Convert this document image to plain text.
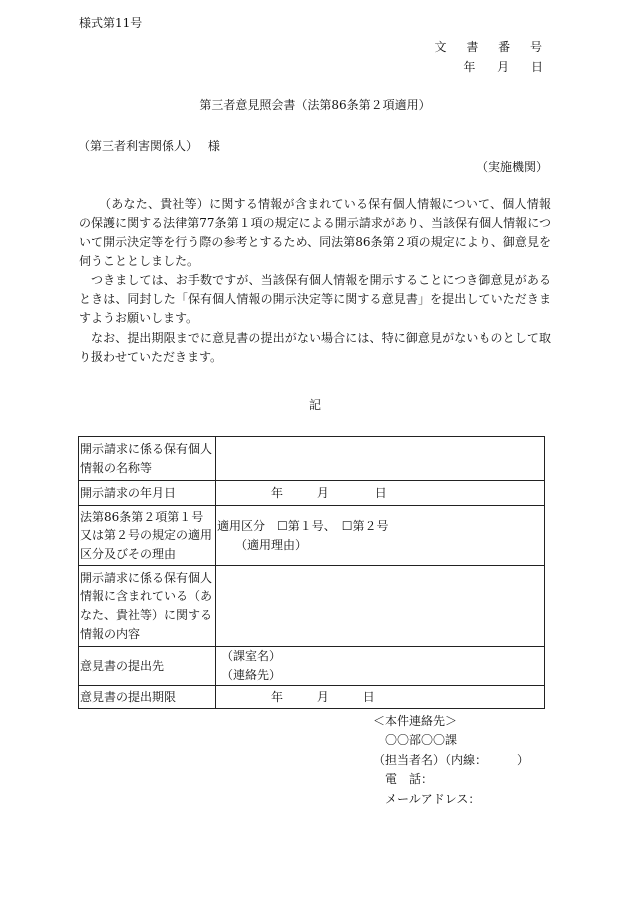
様式第11号
文 書 番 号
年 月 日
第三者意見照会書（法第86条第２項適用）
（第三者利害関係人）　 様
（実施機関）

（あなた、貴社等）に関する情報が含まれている保有個人情報について、個人情報の保護に関する法律第77条第１項の規定による開示請求があり、当該保有個人情報について開示決定等を行う際の参考とするため、同法第86条第２項の規定により、御意見を伺うこととしました。

つきましては、お手数ですが、当該保有個人情報を開示することにつき御意見があるときは、同封した「保有個人情報の開示決定等に関する意見書」を提出していただきますようお願いします。

なお、提出期限までに意見書の提出がない場合には、特に御意見がないものとして取り扱わせていただきます。

記
開示請求に係る保有個人情報の名称等	
開示請求の年月日	年 月 日
法第86条第２項第１号又は第２号の規定の適用区分及びその理由	適用区分　☐第１号、　☐第２号
（適用理由）

開示請求に係る保有個人情報に含まれている（あなた、貴社等）に関する情報の内容	
意見書の提出先	（課室名）
（連絡先）

意見書の提出期限	年 月 日
＜本件連絡先＞
〇〇部〇〇課
（担当者名）（内線：　　　）
電　話：
メールアドレス：
